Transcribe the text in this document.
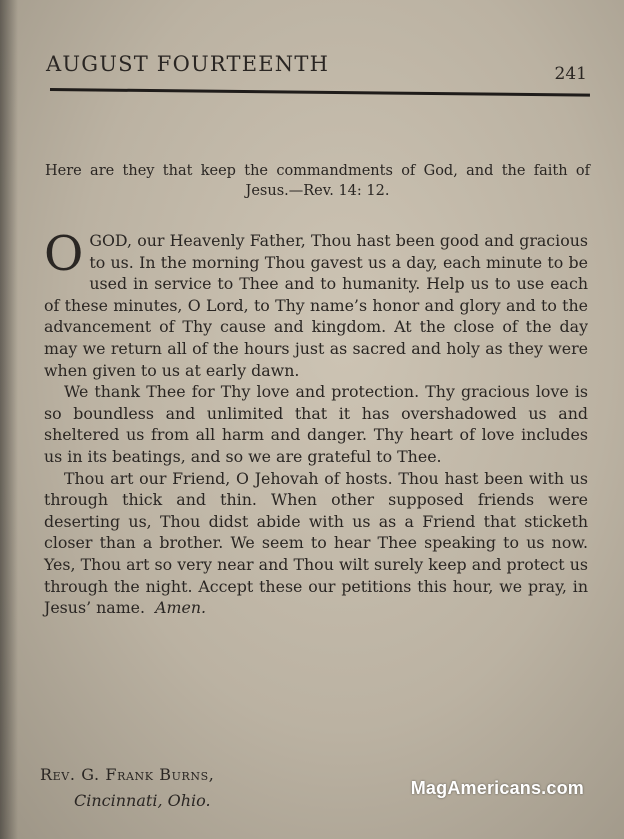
AUGUST FOURTEENTH	241
Here are they that keep the commandments of God, and the faith of Jesus.—Rev. 14: 12.

OGOD, our Heavenly Father, Thou hast been good and gracious to us. In the morning Thou gavest us a day, each minute to be used in service to Thee and to humanity. Help us to use each of these minutes, O Lord, to Thy name’s honor and glory and to the advancement of Thy cause and kingdom. At the close of the day may we return all of the hours just as sacred and holy as they were when given to us at early dawn.

We thank Thee for Thy love and protection. Thy gracious love is so boundless and unlimited that it has overshadowed us and sheltered us from all harm and danger. Thy heart of love includes us in its beatings, and so we are grateful to Thee.

Thou art our Friend, O Jehovah of hosts. Thou hast been with us through thick and thin. When other supposed friends were deserting us, Thou didst abide with us as a Friend that sticketh closer than a brother. We seem to hear Thee speaking to us now. Yes, Thou art so very near and Thou wilt surely keep and protect us through the night. Accept these our petitions this hour, we pray, in Jesus’ name. Amen.

Rev. G. Frank Burns,
Cincinnati, Ohio.
MagAmericans.com
